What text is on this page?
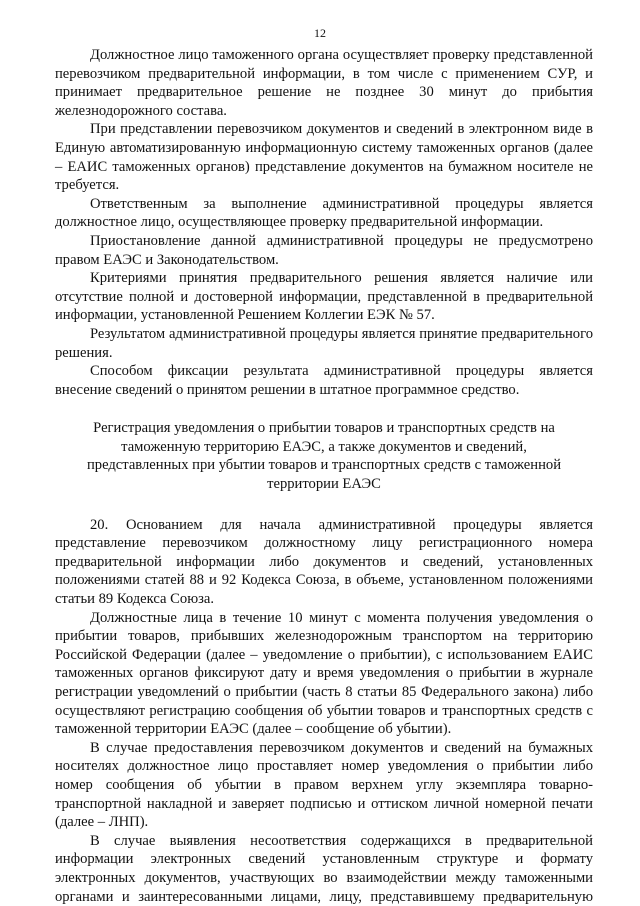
12

Должностное лицо таможенного органа осуществляет проверку представленной перевозчиком предварительной информации, в том числе с применением СУР, и принимает предварительное решение не позднее 30 минут до прибытия железнодорожного состава.

При представлении перевозчиком документов и сведений в электронном виде в Единую автоматизированную информационную систему таможенных органов (далее – ЕАИС таможенных органов) представление документов на бумажном носителе не требуется.

Ответственным за выполнение административной процедуры является должностное лицо, осуществляющее проверку предварительной информации.

Приостановление данной административной процедуры не предусмотрено правом ЕАЭС и Законодательством.

Критериями принятия предварительного решения является наличие или отсутствие полной и достоверной информации, представленной в предварительной информации, установленной Решением Коллегии ЕЭК № 57.

Результатом административной процедуры является принятие предварительного решения.

Способом фиксации результата административной процедуры является внесение сведений о принятом решении в штатное программное средство.

Регистрация уведомления о прибытии товаров и транспортных средств на таможенную территорию ЕАЭС, а также документов и сведений, представленных при убытии товаров и транспортных средств с таможенной территории ЕАЭС

20. Основанием для начала административной процедуры является представление перевозчиком должностному лицу регистрационного номера предварительной информации либо документов и сведений, установленных положениями статей 88 и 92 Кодекса Союза, в объеме, установленном положениями статьи 89 Кодекса Союза.

Должностные лица в течение 10 минут с момента получения уведомления о прибытии товаров, прибывших железнодорожным транспортом на территорию Российской Федерации (далее – уведомление о прибытии), с использованием ЕАИС таможенных органов фиксируют дату и время уведомления о прибытии в журнале регистрации уведомлений о прибытии (часть 8 статьи 85 Федерального закона) либо осуществляют регистрацию сообщения об убытии товаров и транспортных средств с таможенной территории ЕАЭС (далее – сообщение об убытии).

В случае предоставления перевозчиком документов и сведений на бумажных носителях должностное лицо проставляет номер уведомления о прибытии либо номер сообщения об убытии в правом верхнем углу экземпляра товарно-транспортной накладной и заверяет подписью и оттиском личной номерной печати (далее – ЛНП).

В случае выявления несоответствия содержащихся в предварительной информации электронных сведений установленным структуре и формату электронных документов, участвующих во взаимодействии между таможенными органами и заинтересованными лицами, лицу, представившему предварительную
